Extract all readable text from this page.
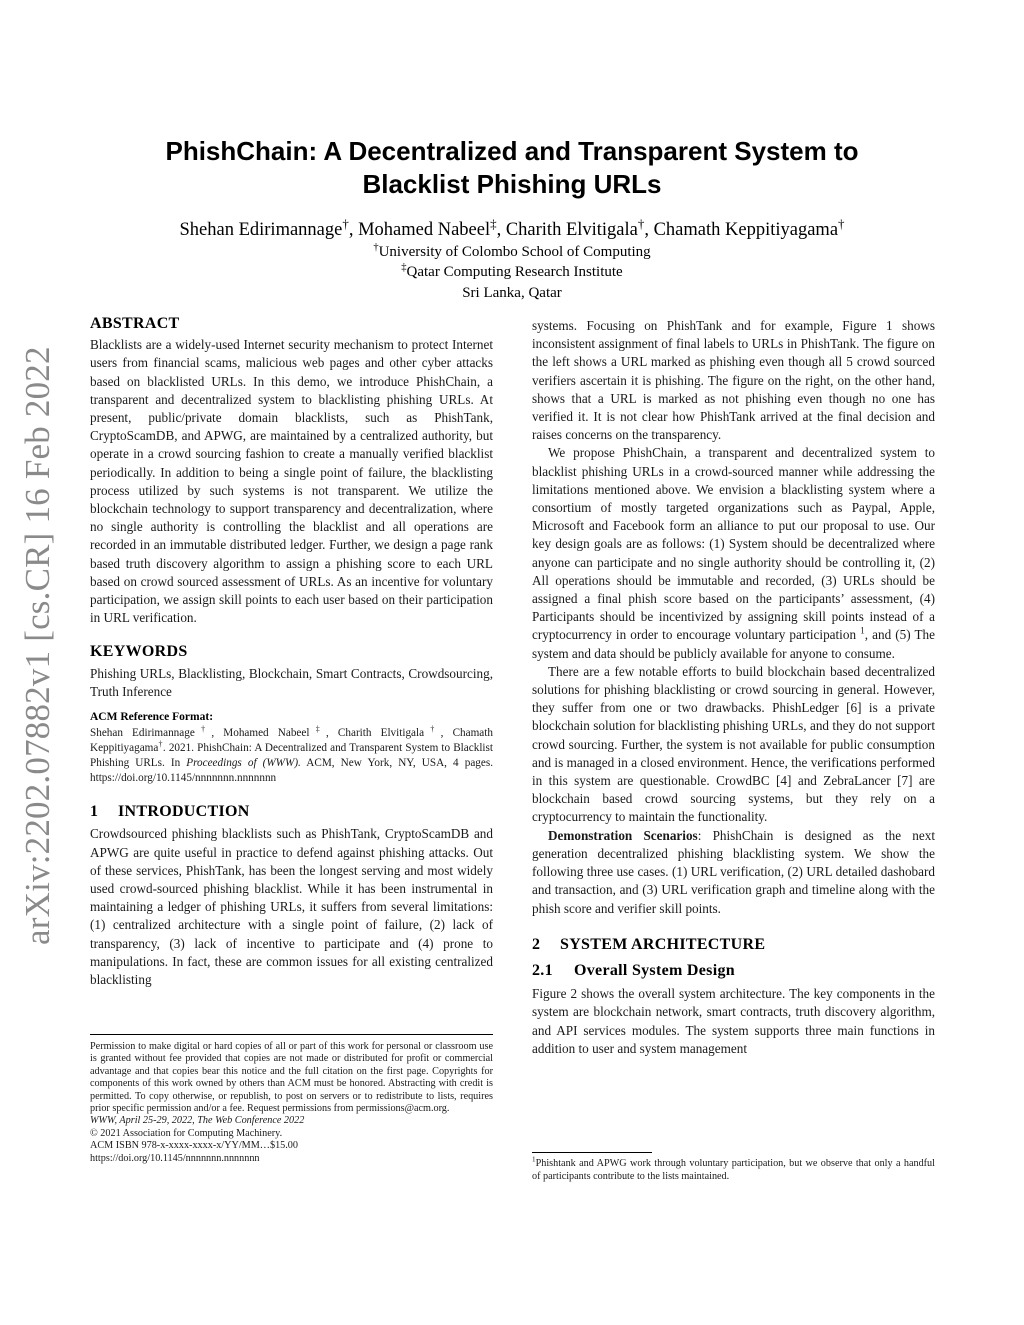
arXiv:2202.07882v1 [cs.CR] 16 Feb 2022
PhishChain: A Decentralized and Transparent System to
Blacklist Phishing URLs
Shehan Edirimannage†, Mohamed Nabeel‡, Charith Elvitigala†, Chamath Keppitiyagama†
†University of Colombo School of Computing
‡Qatar Computing Research Institute
Sri Lanka, Qatar
ABSTRACT

Blacklists are a widely-used Internet security mechanism to protect Internet users from financial scams, malicious web pages and other cyber attacks based on blacklisted URLs. In this demo, we introduce PhishChain, a transparent and decentralized system to blacklisting phishing URLs. At present, public/private domain blacklists, such as PhishTank, CryptoScamDB, and APWG, are maintained by a centralized authority, but operate in a crowd sourcing fashion to create a manually verified blacklist periodically. In addition to being a single point of failure, the blacklisting process utilized by such systems is not transparent. We utilize the blockchain technology to support transparency and decentralization, where no single authority is controlling the blacklist and all operations are recorded in an immutable distributed ledger. Further, we design a page rank based truth discovery algorithm to assign a phishing score to each URL based on crowd sourced assessment of URLs. As an incentive for voluntary participation, we assign skill points to each user based on their participation in URL verification.

KEYWORDS

Phishing URLs, Blacklisting, Blockchain, Smart Contracts, Crowdsourcing, Truth Inference

ACM Reference Format:

Shehan Edirimannage†, Mohamed Nabeel‡, Charith Elvitigala†, Chamath Keppitiyagama†. 2021. PhishChain: A Decentralized and Transparent System to Blacklist Phishing URLs. In Proceedings of (WWW). ACM, New York, NY, USA, 4 pages. https://doi.org/10.1145/nnnnnnn.nnnnnnn

1 INTRODUCTION

Crowdsourced phishing blacklists such as PhishTank, CryptoScamDB and APWG are quite useful in practice to defend against phishing attacks. Out of these services, PhishTank, has been the longest serving and most widely used crowd-sourced phishing blacklist. While it has been instrumental in maintaining a ledger of phishing URLs, it suffers from several limitations: (1) centralized architecture with a single point of failure, (2) lack of transparency, (3) lack of incentive to participate and (4) prone to manipulations. In fact, these are common issues for all existing centralized blacklisting

Permission to make digital or hard copies of all or part of this work for personal or classroom use is granted without fee provided that copies are not made or distributed for profit or commercial advantage and that copies bear this notice and the full citation on the first page. Copyrights for components of this work owned by others than ACM must be honored. Abstracting with credit is permitted. To copy otherwise, or republish, to post on servers or to redistribute to lists, requires prior specific permission and/or a fee. Request permissions from permissions@acm.org.

WWW, April 25-29, 2022, The Web Conference 2022

© 2021 Association for Computing Machinery.

ACM ISBN 978-x-xxxx-xxxx-x/YY/MM…$15.00

https://doi.org/10.1145/nnnnnnn.nnnnnnn

systems. Focusing on PhishTank and for example, Figure 1 shows inconsistent assignment of final labels to URLs in PhishTank. The figure on the left shows a URL marked as phishing even though all 5 crowd sourced verifiers ascertain it is phishing. The figure on the right, on the other hand, shows that a URL is marked as not phishing even though no one has verified it. It is not clear how PhishTank arrived at the final decision and raises concerns on the transparency.

We propose PhishChain, a transparent and decentralized system to blacklist phishing URLs in a crowd-sourced manner while addressing the limitations mentioned above. We envision a blacklisting system where a consortium of mostly targeted organizations such as Paypal, Apple, Microsoft and Facebook form an alliance to put our proposal to use. Our key design goals are as follows: (1) System should be decentralized where anyone can participate and no single authority should be controlling it, (2) All operations should be immutable and recorded, (3) URLs should be assigned a final phish score based on the participants’ assessment, (4) Participants should be incentivized by assigning skill points instead of a cryptocurrency in order to encourage voluntary participation $^1$, and (5) The system and data should be publicly available for anyone to consume.

There are a few notable efforts to build blockchain based decentralized solutions for phishing blacklisting or crowd sourcing in general. However, they suffer from one or two drawbacks. PhishLedger [6] is a private blockchain solution for blacklisting phishing URLs, and they do not support crowd sourcing. Further, the system is not available for public consumption and is managed in a closed environment. Hence, the verifications performed in this system are questionable. CrowdBC [4] and ZebraLancer [7] are blockchain based crowd sourcing systems, but they rely on a cryptocurrency to maintain the functionality.

Demonstration Scenarios: PhishChain is designed as the next generation decentralized phishing blacklisting system. We show the following three use cases. (1) URL verification, (2) URL detailed dashobard and transaction, and (3) URL verification graph and timeline along with the phish score and verifier skill points.

2 SYSTEM ARCHITECTURE
2.1 Overall System Design

Figure 2 shows the overall system architecture. The key components in the system are blockchain network, smart contracts, truth discovery algorithm, and API services modules. The system supports three main functions in addition to user and system management

$^1$Phishtank and APWG work through voluntary participation, but we observe that only a handful of participants contribute to the lists maintained.
